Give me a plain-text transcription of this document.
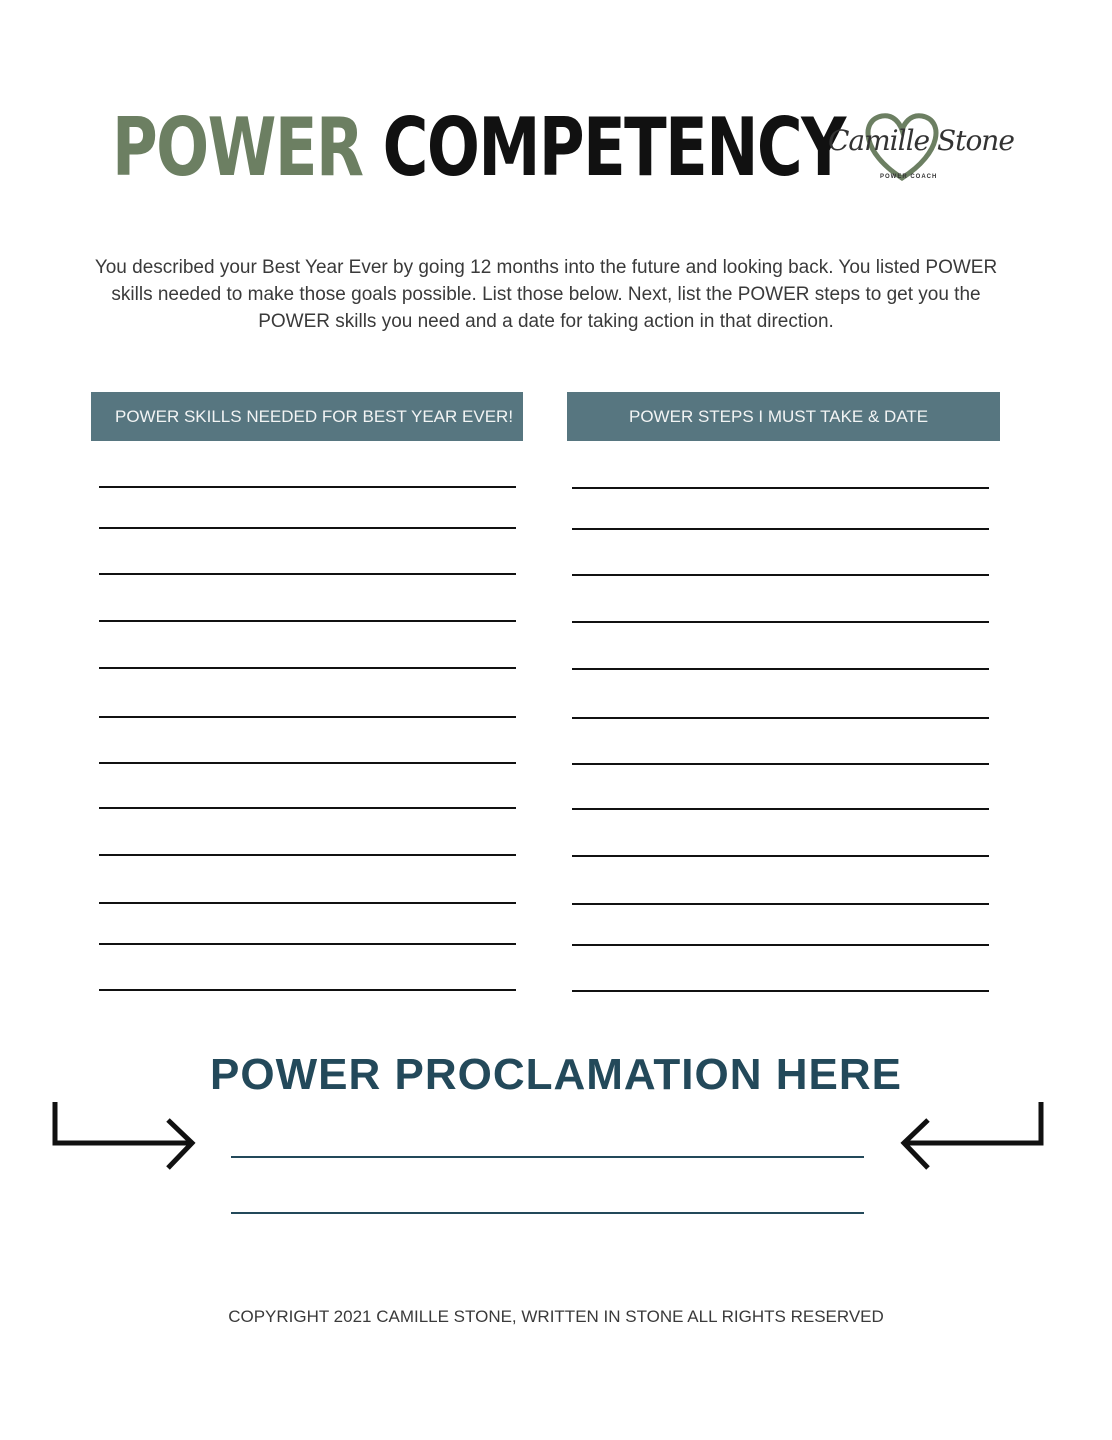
POWER COMPETENCY
Camille Stone
POWER COACH
You described your Best Year Ever by going 12 months into the future and looking back. You listed POWER skills needed to make those goals possible. List those below. Next, list the POWER steps to get you the POWER skills you need and a date for taking action in that direction.
POWER SKILLS NEEDED FOR BEST YEAR EVER!	POWER STEPS I MUST TAKE & DATE
POWER PROCLAMATION HERE
COPYRIGHT 2021 CAMILLE STONE, WRITTEN IN STONE ALL RIGHTS RESERVED
